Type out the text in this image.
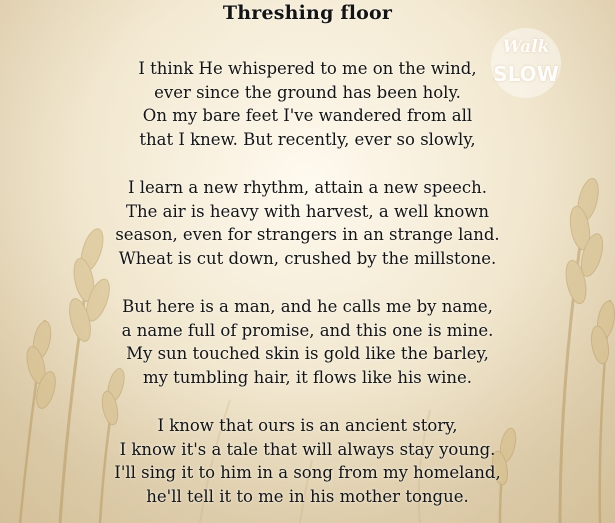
Walk
SLOW
Threshing floor
I think He whispered to me on the wind,
ever since the ground has been holy.
On my bare feet I've wandered from all
that I knew. But recently, ever so slowly,
I learn a new rhythm, attain a new speech.
The air is heavy with harvest, a well known
season, even for strangers in an strange land.
Wheat is cut down, crushed by the millstone.
But here is a man, and he calls me by name,
a name full of promise, and this one is mine.
My sun touched skin is gold like the barley,
my tumbling hair, it flows like his wine.
I know that ours is an ancient story,
I know it's a tale that will always stay young.
I'll sing it to him in a song from my homeland,
he'll tell it to me in his mother tongue.
